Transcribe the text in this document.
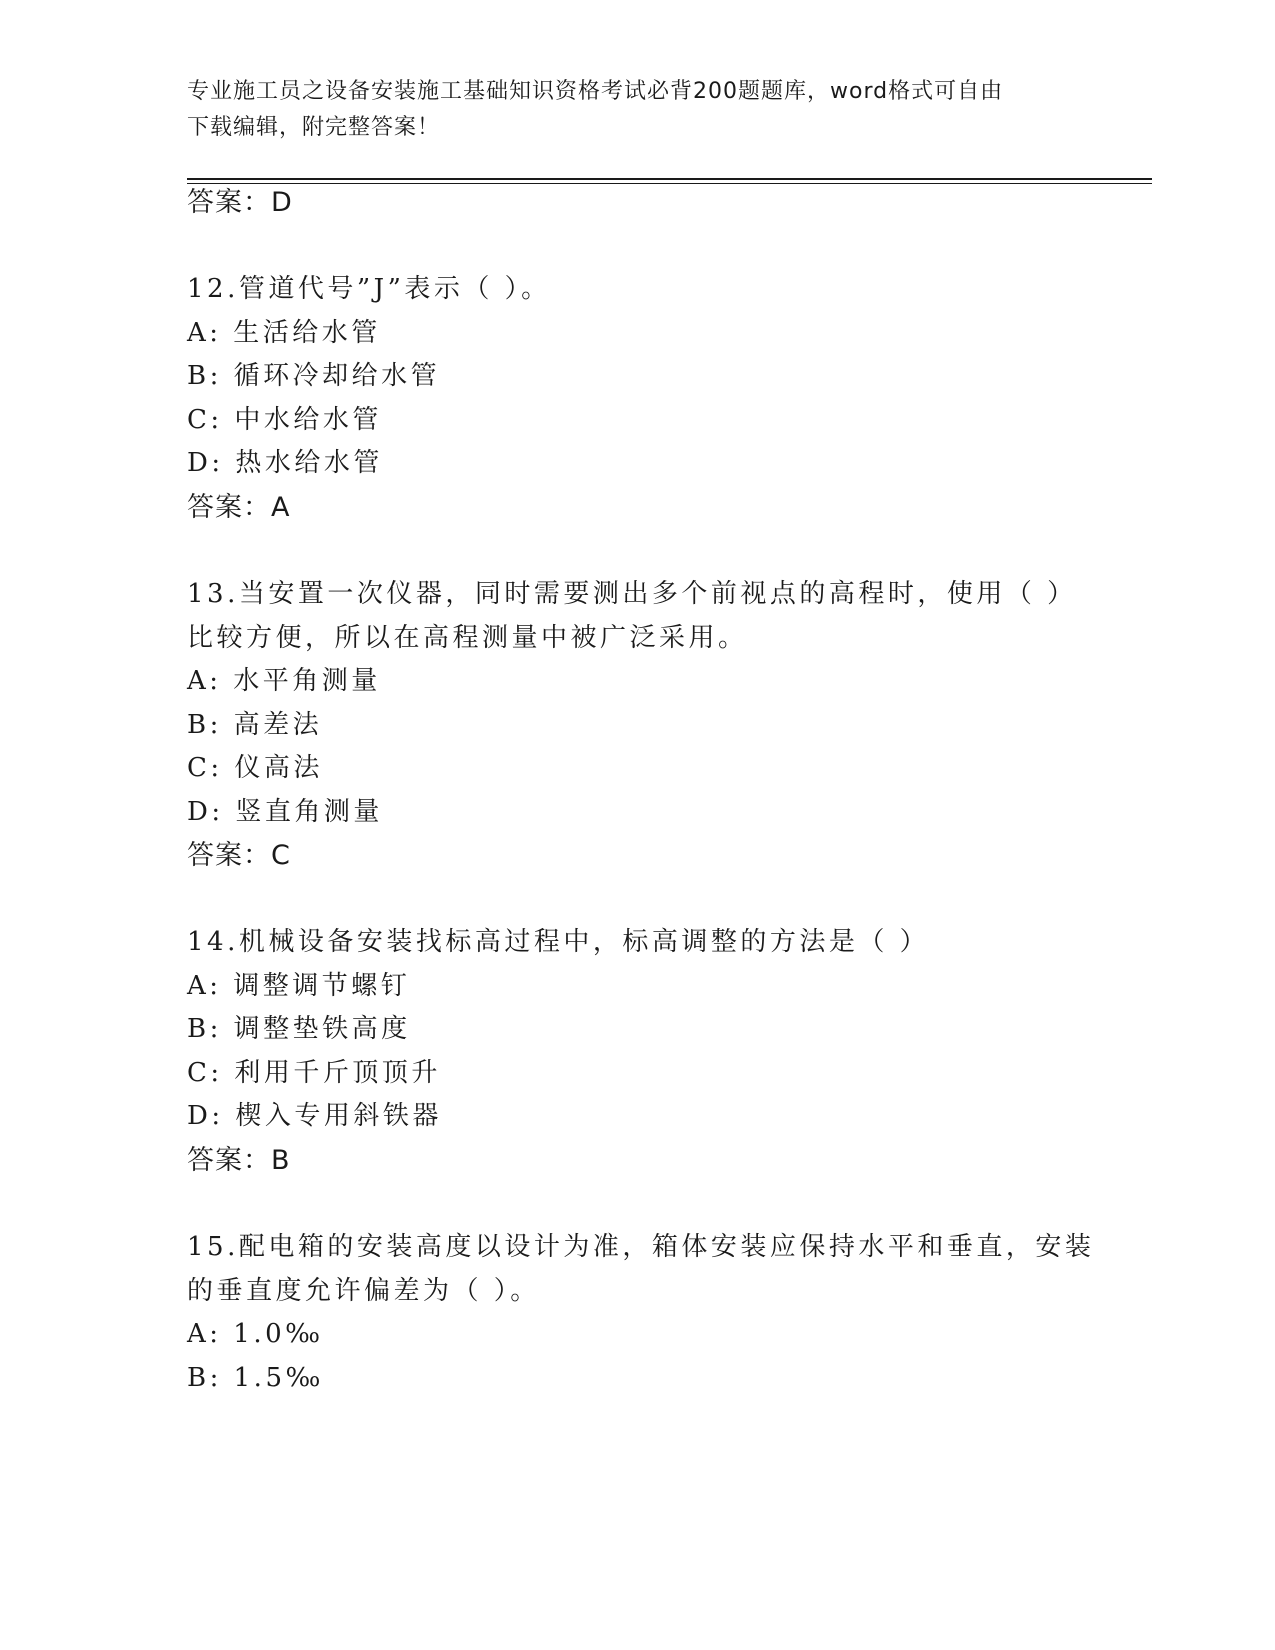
专业施工员之设备安装施工基础知识资格考试必背200题题库，word格式可自由
下载编辑，附完整答案！
答案：D
12.管道代号”J”表示（ ）。
A: 生活给水管
B: 循环冷却给水管
C: 中水给水管
D: 热水给水管
答案：A
13.当安置一次仪器，同时需要测出多个前视点的高程时，使用（ ）
比较方便，所以在高程测量中被广泛采用。
A: 水平角测量
B: 高差法
C: 仪高法
D: 竖直角测量
答案：C
14.机械设备安装找标高过程中，标高调整的方法是（ ）
A: 调整调节螺钉
B: 调整垫铁高度
C: 利用千斤顶顶升
D: 楔入专用斜铁器
答案：B
15.配电箱的安装高度以设计为准，箱体安装应保持水平和垂直，安装
的垂直度允许偏差为（ ）。
A: 1.0‰
B: 1.5‰
